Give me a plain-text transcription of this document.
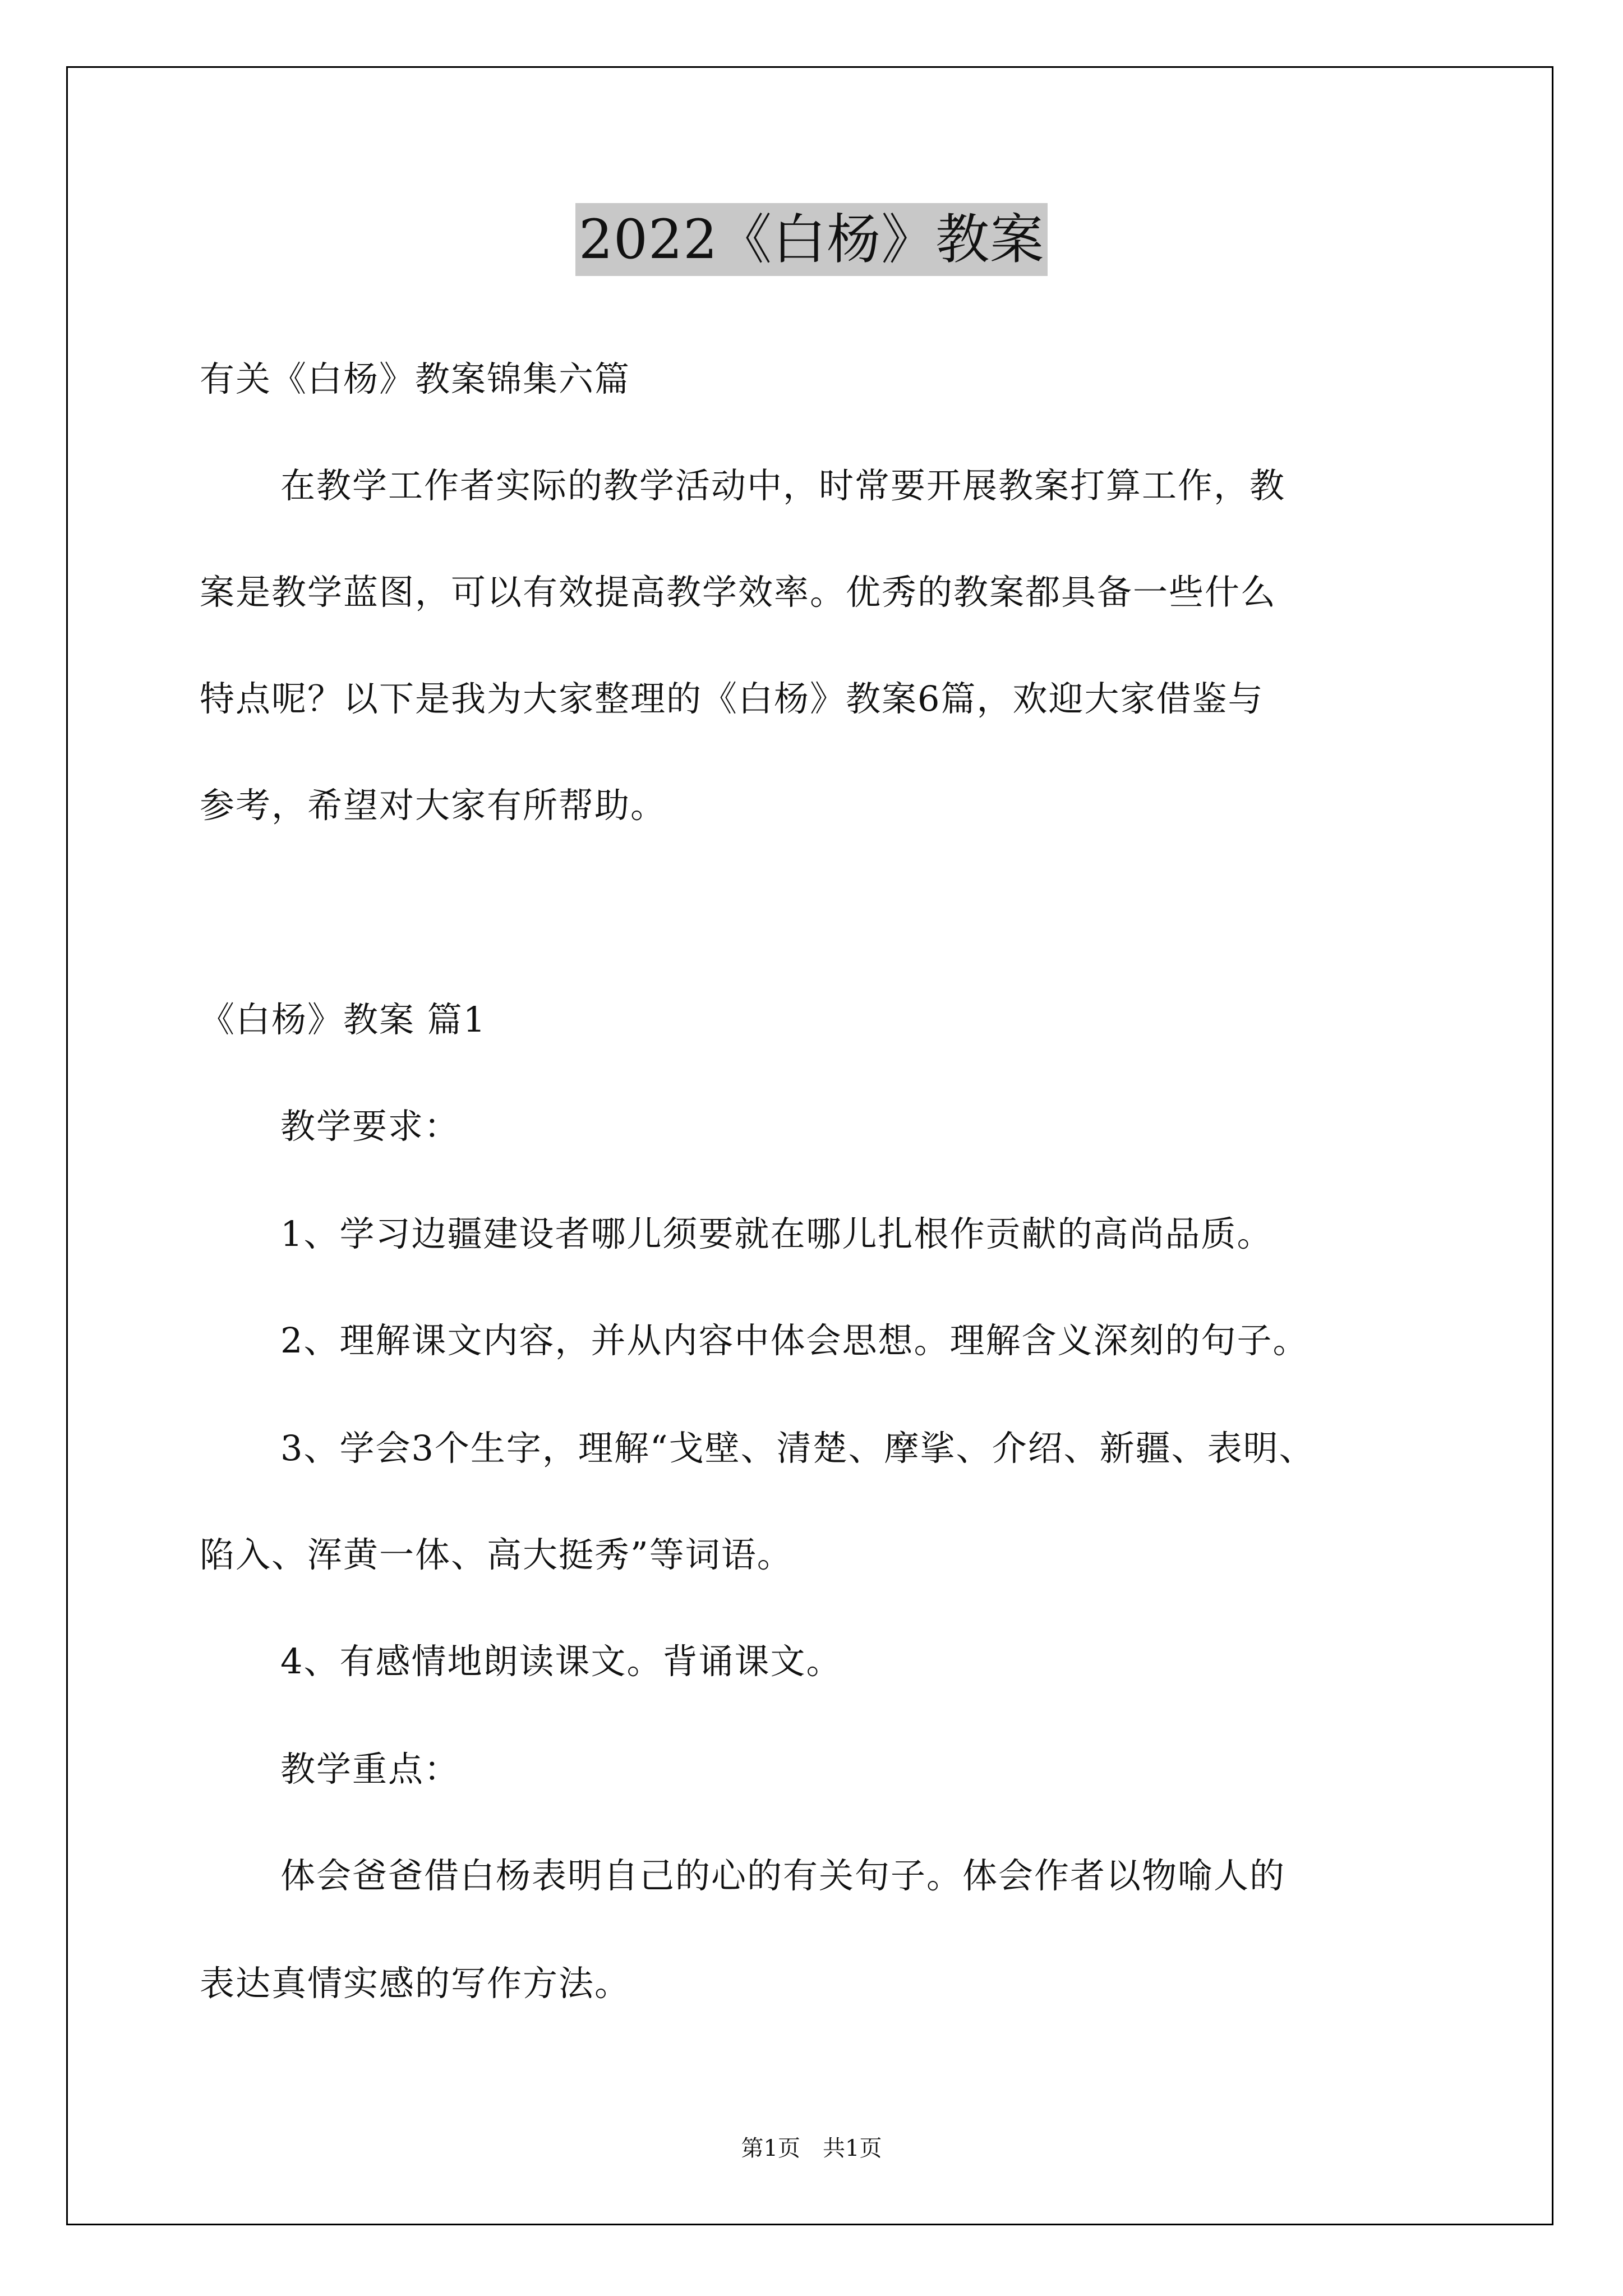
2022《白杨》教案
有关《白杨》教案锦集六篇
在教学工作者实际的教学活动中，时常要开展教案打算工作，教
案是教学蓝图，可以有效提高教学效率。优秀的教案都具备一些什么
特点呢？以下是我为大家整理的《白杨》教案6篇，欢迎大家借鉴与
参考，希望对大家有所帮助。
《白杨》教案 篇1
教学要求：
1、学习边疆建设者哪儿须要就在哪儿扎根作贡献的高尚品质。
2、理解课文内容，并从内容中体会思想。理解含义深刻的句子。
3、学会3个生字，理解“戈壁、清楚、摩挲、介绍、新疆、表明、
陷入、浑黄一体、高大挺秀”等词语。
4、有感情地朗读课文。背诵课文。
教学重点：
体会爸爸借白杨表明自己的心的有关句子。体会作者以物喻人的
表达真情实感的写作方法。
第1页　共1页
